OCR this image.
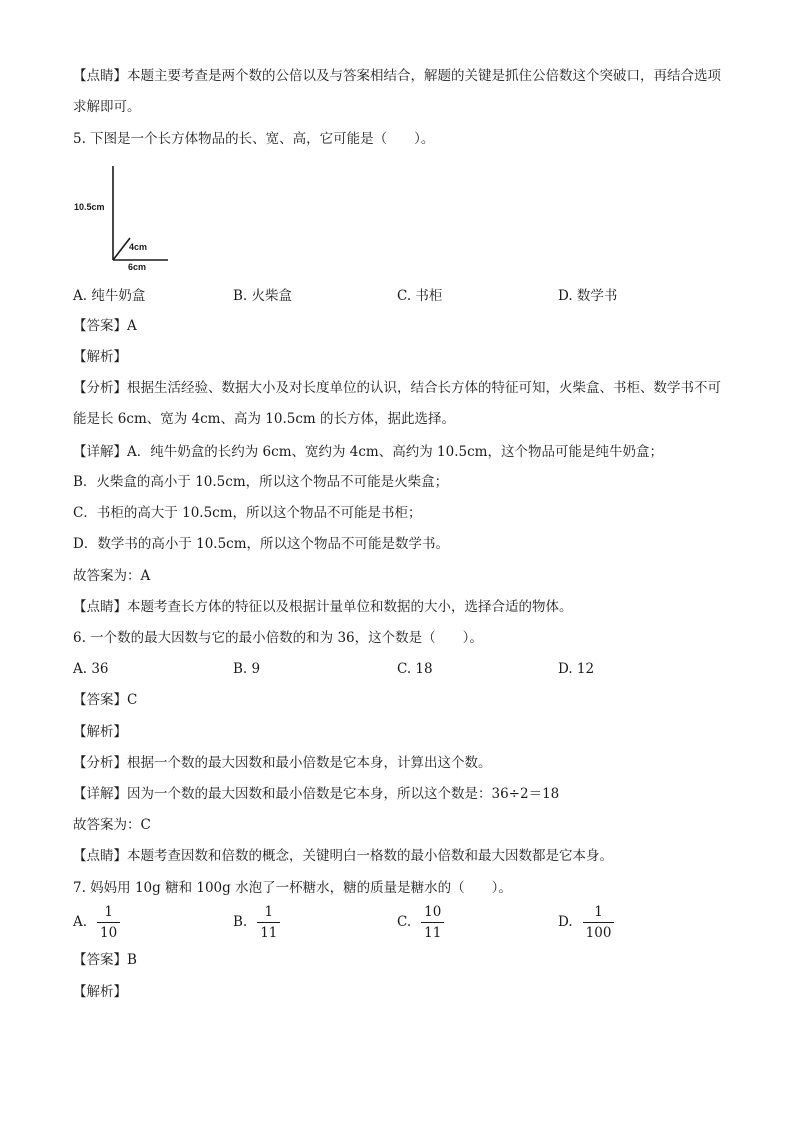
【点睛】本题主要考查是两个数的公倍以及与答案相结合，解题的关键是抓住公倍数这个突破口，再结合选项求解即可。
5. 下图是一个长方体物品的长、宽、高，它可能是（　　）。
10.5cm
4cm
6cm
A. 纯牛奶盒	B. 火柴盒	C. 书柜	D. 数学书
【答案】A
【解析】
【分析】根据生活经验、数据大小及对长度单位的认识，结合长方体的特征可知，火柴盒、书柜、数学书不可能是长 6cm、宽为 4cm、高为 10.5cm 的长方体，据此选择。
【详解】A．纯牛奶盒的长约为 6cm、宽约为 4cm、高约为 10.5cm，这个物品可能是纯牛奶盒；
B．火柴盒的高小于 10.5cm，所以这个物品不可能是火柴盒；
C．书柜的高大于 10.5cm，所以这个物品不可能是书柜；
D．数学书的高小于 10.5cm，所以这个物品不可能是数学书。
故答案为：A
【点睛】本题考查长方体的特征以及根据计量单位和数据的大小，选择合适的物体。
6. 一个数的最大因数与它的最小倍数的和为 36，这个数是（　　）。
A. 36	B. 9	C. 18	D. 12
【答案】C
【解析】
【分析】根据一个数的最大因数和最小倍数是它本身，计算出这个数。
【详解】因为一个数的最大因数和最小倍数是它本身，所以这个数是：36÷2＝18
故答案为：C
【点睛】本题考查因数和倍数的概念，关键明白一格数的最小倍数和最大因数都是它本身。
7. 妈妈用 10g 糖和 100g 水泡了一杯糖水，糖的质量是糖水的（　　）。
A. $\frac{1}{10}$	B. $\frac{1}{11}$	C. $\frac{10}{11}$	D. $\frac{1}{100}$
【答案】B
【解析】
